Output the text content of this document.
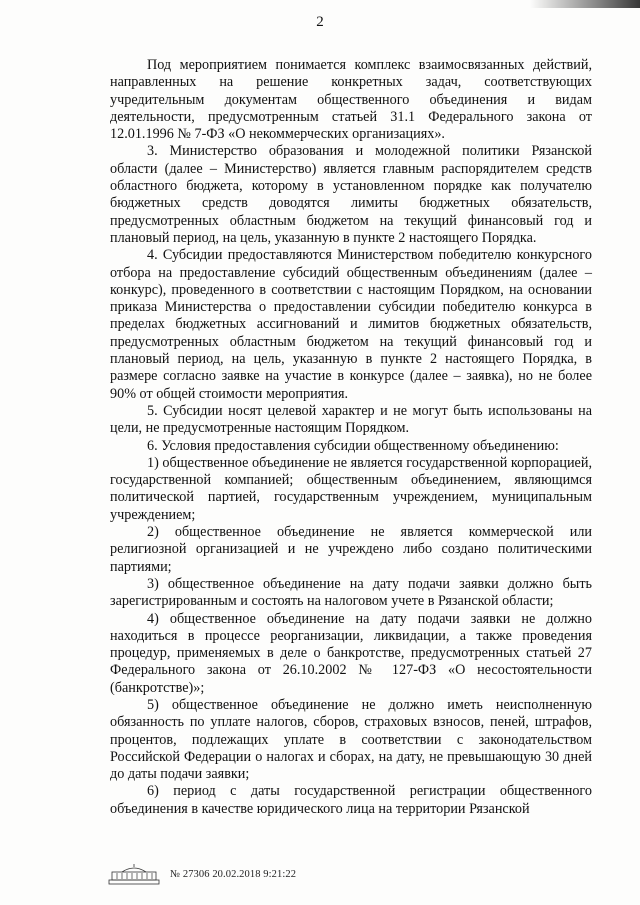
2

Под мероприятием понимается комплекс взаимосвязанных действий, направленных на решение конкретных задач, соответствующих учредительным документам общественного объединения и видам деятельности, предусмотренным статьей 31.1 Федерального закона от 12.01.1996 № 7-ФЗ «О некоммерческих организациях».

3. Министерство образования и молодежной политики Рязанской области (далее – Министерство) является главным распорядителем средств областного бюджета, которому в установленном порядке как получателю бюджетных средств доводятся лимиты бюджетных обязательств, предусмотренных областным бюджетом на текущий финансовый год и плановый период, на цель, указанную в пункте 2 настоящего Порядка.

4. Субсидии предоставляются Министерством победителю конкурсного отбора на предоставление субсидий общественным объединениям (далее – конкурс), проведенного в соответствии с настоящим Порядком, на основании приказа Министерства о предоставлении субсидии победителю конкурса в пределах бюджетных ассигнований и лимитов бюджетных обязательств, предусмотренных областным бюджетом на текущий финансовый год и плановый период, на цель, указанную в пункте 2 настоящего Порядка, в размере согласно заявке на участие в конкурсе (далее – заявка), но не более 90% от общей стоимости мероприятия.

5. Субсидии носят целевой характер и не могут быть использованы на цели, не предусмотренные настоящим Порядком.

6. Условия предоставления субсидии общественному объединению:

1) общественное объединение не является государственной корпорацией, государственной компанией; общественным объединением, являющимся политической партией, государственным учреждением, муниципальным учреждением;

2) общественное объединение не является коммерческой или религиозной организацией и не учреждено либо создано политическими партиями;

3) общественное объединение на дату подачи заявки должно быть зарегистрированным и состоять на налоговом учете в Рязанской области;

4) общественное объединение на дату подачи заявки не должно находиться в процессе реорганизации, ликвидации, а также проведения процедур, применяемых в деле о банкротстве, предусмотренных статьей 27 Федерального закона от 26.10.2002 № 127-ФЗ «О несостоятельности (банкротстве)»;

5) общественное объединение не должно иметь неисполненную обязанность по уплате налогов, сборов, страховых взносов, пеней, штрафов, процентов, подлежащих уплате в соответствии с законодательством Российской Федерации о налогах и сборах, на дату, не превышающую 30 дней до даты подачи заявки;

6) период с даты государственной регистрации общественного объединения в качестве юридического лица на территории Рязанской

№ 27306 20.02.2018 9:21:22
